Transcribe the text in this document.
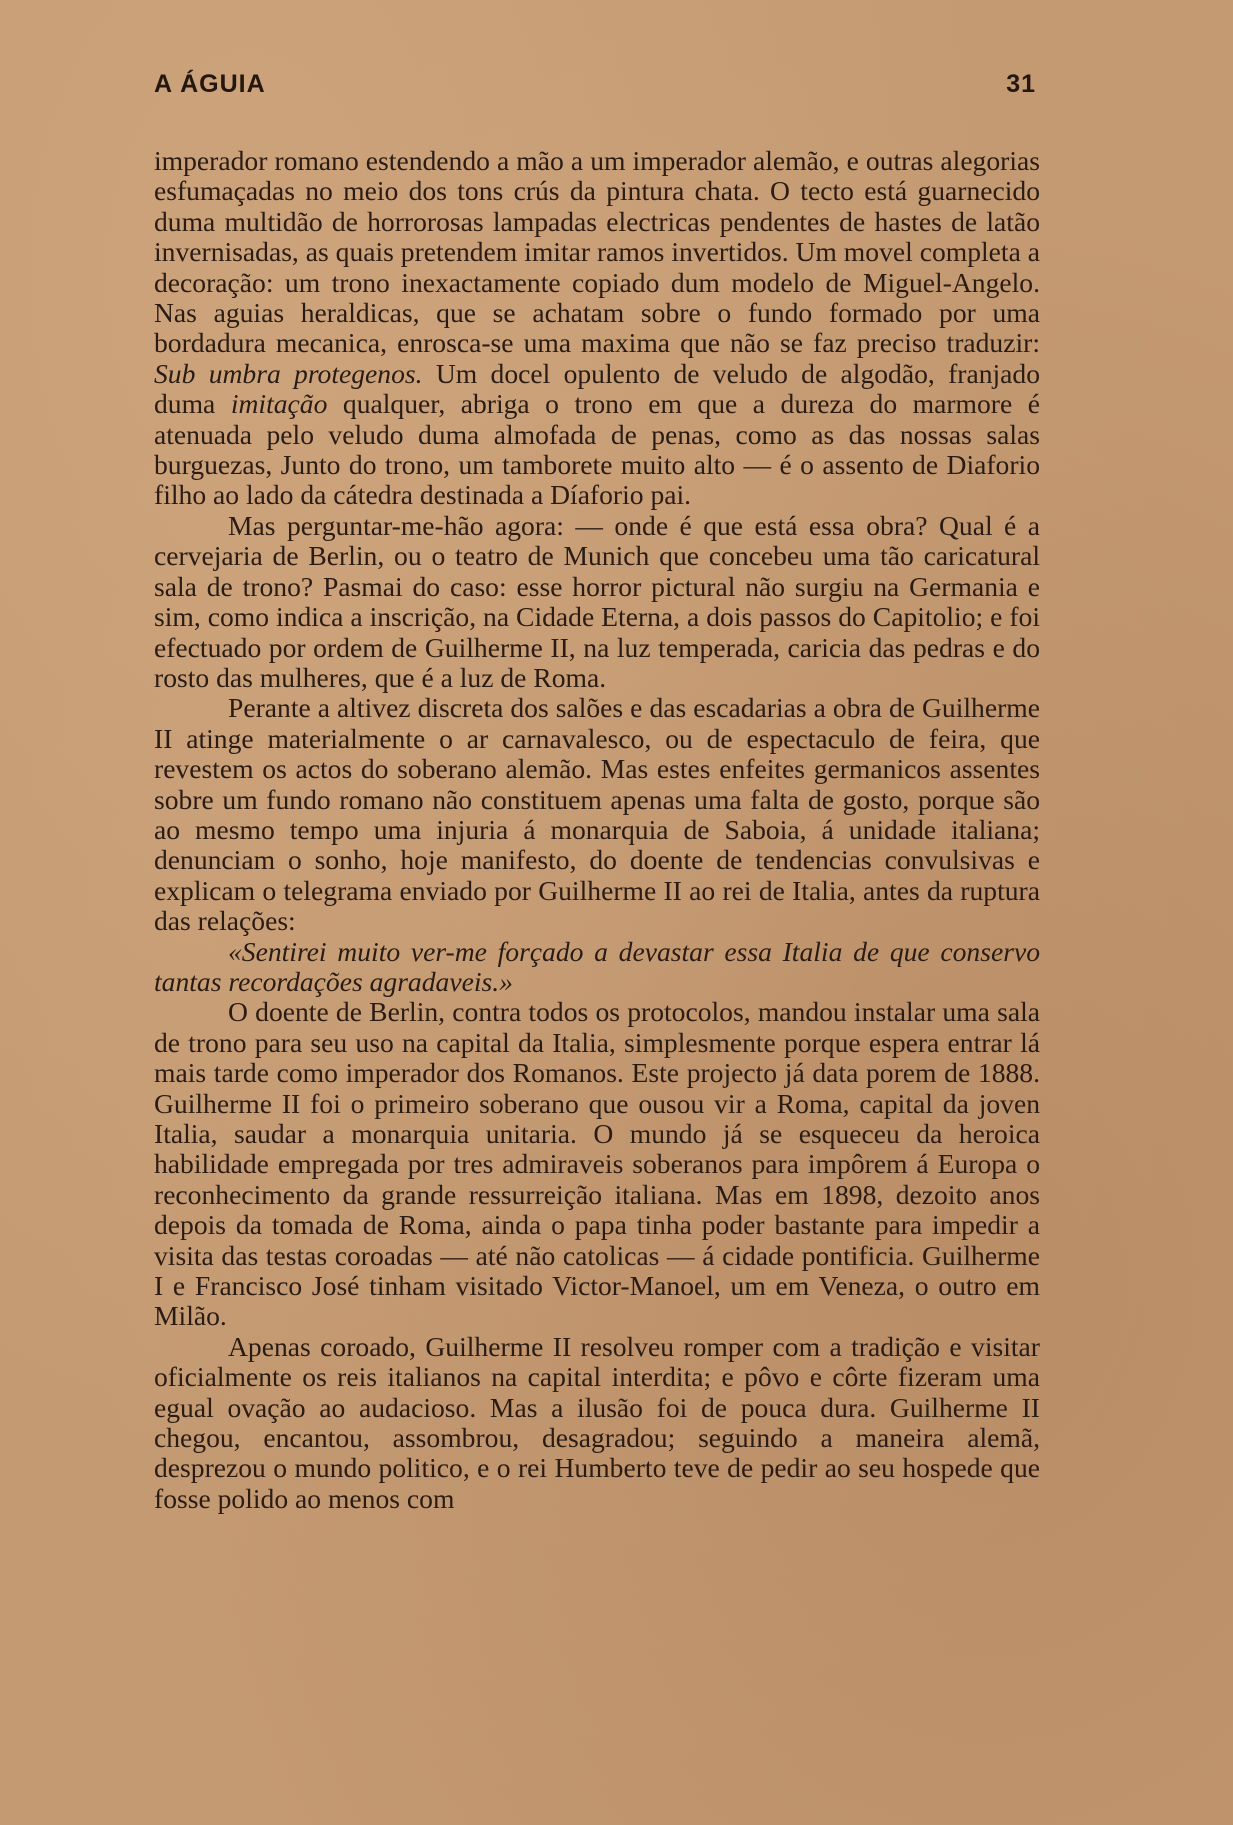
A ÁGUIA	31

imperador romano estendendo a mão a um imperador alemão, e outras alegorias esfumaçadas no meio dos tons crús da pintura chata. O tecto está guarnecido duma multidão de horrorosas lampadas electricas pendentes de hastes de latão invernisadas, as quais pretendem imitar ramos invertidos. Um movel completa a decoração: um trono inexactamente copiado dum modelo de Miguel-Angelo. Nas aguias heraldicas, que se achatam sobre o fundo formado por uma bordadura mecanica, enrosca-se uma maxima que não se faz preciso traduzir: Sub umbra protegenos. Um docel opulento de veludo de algodão, franjado duma imitação qualquer, abriga o trono em que a dureza do marmore é atenuada pelo veludo duma almofada de penas, como as das nossas salas burguezas, Junto do trono, um tamborete muito alto — é o assento de Diaforio filho ao lado da cátedra destinada a Díaforio pai.

Mas perguntar-me-hão agora: — onde é que está essa obra? Qual é a cervejaria de Berlin, ou o teatro de Munich que concebeu uma tão caricatural sala de trono? Pasmai do caso: esse horror pictural não surgiu na Germania e sim, como indica a inscrição, na Cidade Eterna, a dois passos do Capitolio; e foi efectuado por ordem de Guilherme II, na luz temperada, caricia das pedras e do rosto das mulheres, que é a luz de Roma.

Perante a altivez discreta dos salões e das escadarias a obra de Guilherme II atinge materialmente o ar carnavalesco, ou de espectaculo de feira, que revestem os actos do soberano alemão. Mas estes enfeites germanicos assentes sobre um fundo romano não constituem apenas uma falta de gosto, porque são ao mesmo tempo uma injuria á monarquia de Saboia, á unidade italiana; denunciam o sonho, hoje manifesto, do doente de tendencias convulsivas e explicam o telegrama enviado por Guilherme II ao rei de Italia, antes da ruptura das relações:

«Sentirei muito ver-me forçado a devastar essa Italia de que conservo tantas recordações agradaveis.»

O doente de Berlin, contra todos os protocolos, mandou instalar uma sala de trono para seu uso na capital da Italia, simplesmente porque espera entrar lá mais tarde como imperador dos Romanos. Este projecto já data porem de 1888. Guilherme II foi o primeiro soberano que ousou vir a Roma, capital da joven Italia, saudar a monarquia unitaria. O mundo já se esqueceu da heroica habilidade empregada por tres admiraveis soberanos para impôrem á Europa o reconhecimento da grande ressurreição italiana. Mas em 1898, dezoito anos depois da tomada de Roma, ainda o papa tinha poder bastante para impedir a visita das testas coroadas — até não catolicas — á cidade pontificia. Guilherme I e Francisco José tinham visitado Victor-Manoel, um em Veneza, o outro em Milão.

Apenas coroado, Guilherme II resolveu romper com a tradição e visitar oficialmente os reis italianos na capital interdita; e pôvo e côrte fizeram uma egual ovação ao audacioso. Mas a ilusão foi de pouca dura. Guilherme II chegou, encantou, assombrou, desagradou; seguindo a maneira alemã, desprezou o mundo politico, e o rei Humberto teve de pedir ao seu hospede que fosse polido ao menos com
